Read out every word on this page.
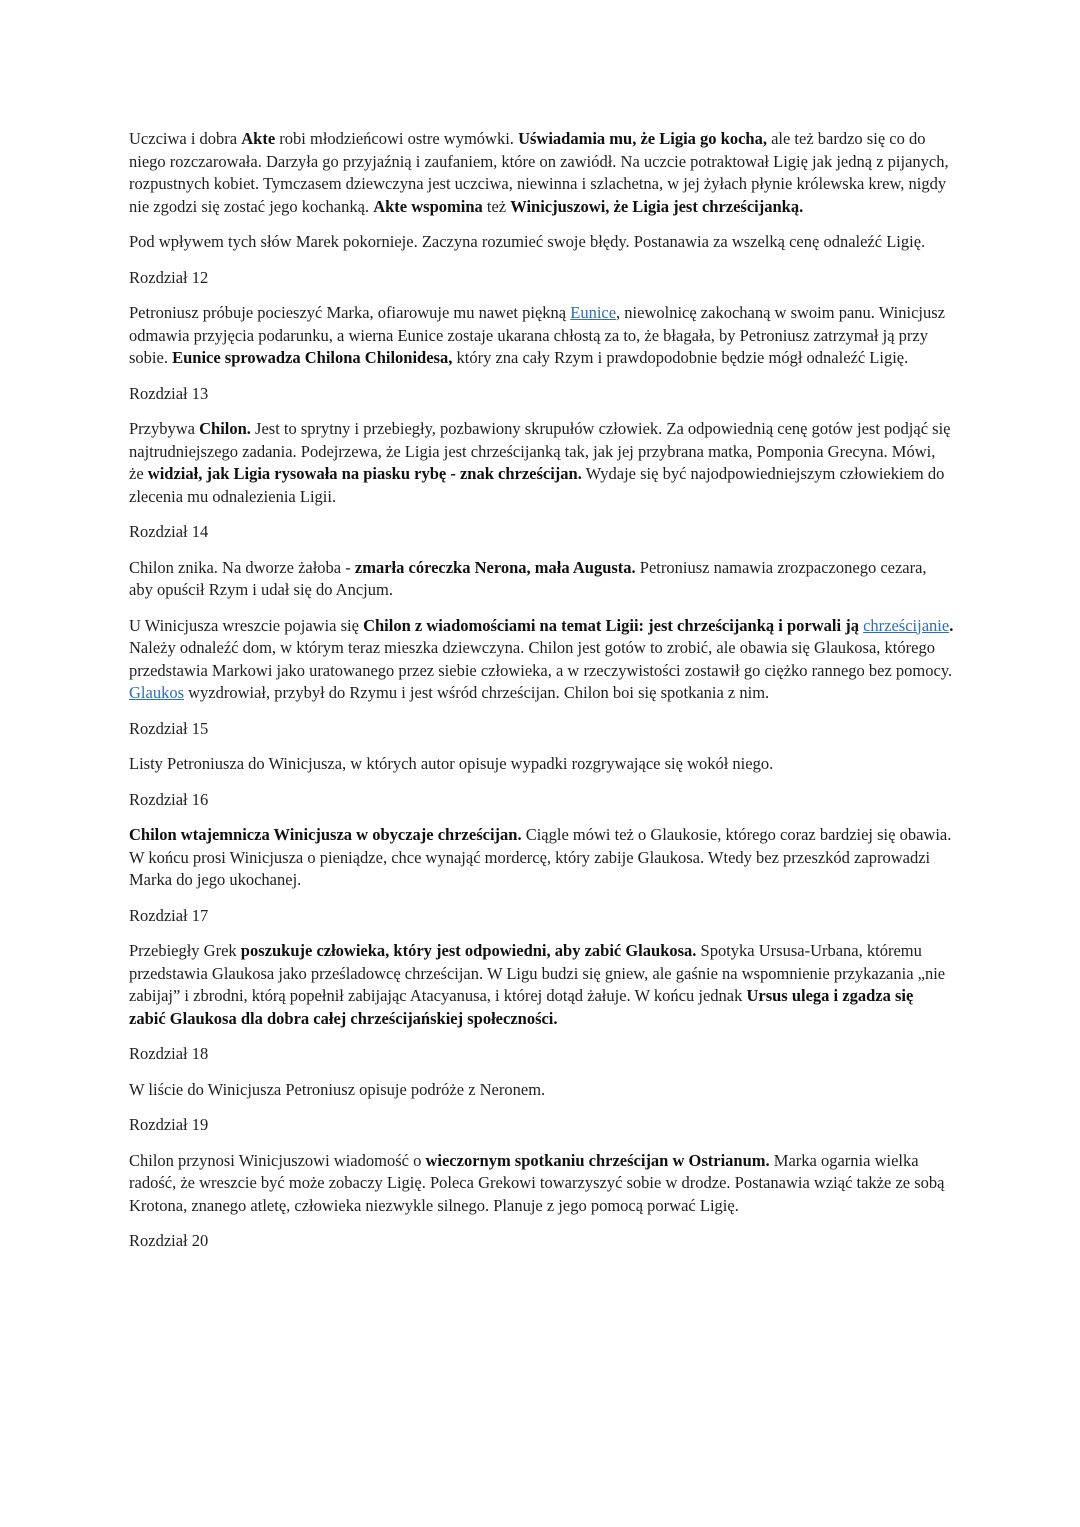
Uczciwa i dobra Akte robi młodzieńcowi ostre wymówki. Uświadamia mu, że Ligia go kocha, ale też bardzo się co do niego rozczarowała. Darzyła go przyjaźnią i zaufaniem, które on zawiódł. Na uczcie potraktował Ligię jak jedną z pijanych, rozpustnych kobiet. Tymczasem dziewczyna jest uczciwa, niewinna i szlachetna, w jej żyłach płynie królewska krew, nigdy nie zgodzi się zostać jego kochanką. Akte wspomina też Winicjuszowi, że Ligia jest chrześcijanką.

Pod wpływem tych słów Marek pokornieje. Zaczyna rozumieć swoje błędy. Postanawia za wszelką cenę odnaleźć Ligię.

Rozdział 12

Petroniusz próbuje pocieszyć Marka, ofiarowuje mu nawet piękną Eunice, niewolnicę zakochaną w swoim panu. Winicjusz odmawia przyjęcia podarunku, a wierna Eunice zostaje ukarana chłostą za to, że błagała, by Petroniusz zatrzymał ją przy sobie. Eunice sprowadza Chilona Chilonidesa, który zna cały Rzym i prawdopodobnie będzie mógł odnaleźć Ligię.

Rozdział 13

Przybywa Chilon. Jest to sprytny i przebiegły, pozbawiony skrupułów człowiek. Za odpowiednią cenę gotów jest podjąć się najtrudniejszego zadania. Podejrzewa, że Ligia jest chrześcijanką tak, jak jej przybrana matka, Pomponia Grecyna. Mówi, że widział, jak Ligia rysowała na piasku rybę - znak chrześcijan. Wydaje się być najodpowiedniejszym człowiekiem do zlecenia mu odnalezienia Ligii.

Rozdział 14

Chilon znika. Na dworze żałoba - zmarła córeczka Nerona, mała Augusta. Petroniusz namawia zrozpaczonego cezara, aby opuścił Rzym i udał się do Ancjum.

U Winicjusza wreszcie pojawia się Chilon z wiadomościami na temat Ligii: jest chrześcijanką i porwali ją chrześcijanie. Należy odnaleźć dom, w którym teraz mieszka dziewczyna. Chilon jest gotów to zrobić, ale obawia się Glaukosa, którego przedstawia Markowi jako uratowanego przez siebie człowieka, a w rzeczywistości zostawił go ciężko rannego bez pomocy. Glaukos wyzdrowiał, przybył do Rzymu i jest wśród chrześcijan. Chilon boi się spotkania z nim.

Rozdział 15

Listy Petroniusza do Winicjusza, w których autor opisuje wypadki rozgrywające się wokół niego.

Rozdział 16

Chilon wtajemnicza Winicjusza w obyczaje chrześcijan. Ciągle mówi też o Glaukosie, którego coraz bardziej się obawia. W końcu prosi Winicjusza o pieniądze, chce wynająć mordercę, który zabije Glaukosa. Wtedy bez przeszkód zaprowadzi Marka do jego ukochanej.

Rozdział 17

Przebiegły Grek poszukuje człowieka, który jest odpowiedni, aby zabić Glaukosa. Spotyka Ursusa-Urbana, któremu przedstawia Glaukosa jako prześladowcę chrześcijan. W Ligu budzi się gniew, ale gaśnie na wspomnienie przykazania „nie zabijaj” i zbrodni, którą popełnił zabijając Atacyanusa, i której dotąd żałuje. W końcu jednak Ursus ulega i zgadza się zabić Glaukosa dla dobra całej chrześcijańskiej społeczności.

Rozdział 18

W liście do Winicjusza Petroniusz opisuje podróże z Neronem.

Rozdział 19

Chilon przynosi Winicjuszowi wiadomość o wieczornym spotkaniu chrześcijan w Ostrianum. Marka ogarnia wielka radość, że wreszcie być może zobaczy Ligię. Poleca Grekowi towarzyszyć sobie w drodze. Postanawia wziąć także ze sobą Krotona, znanego atletę, człowieka niezwykle silnego. Planuje z jego pomocą porwać Ligię.

Rozdział 20
